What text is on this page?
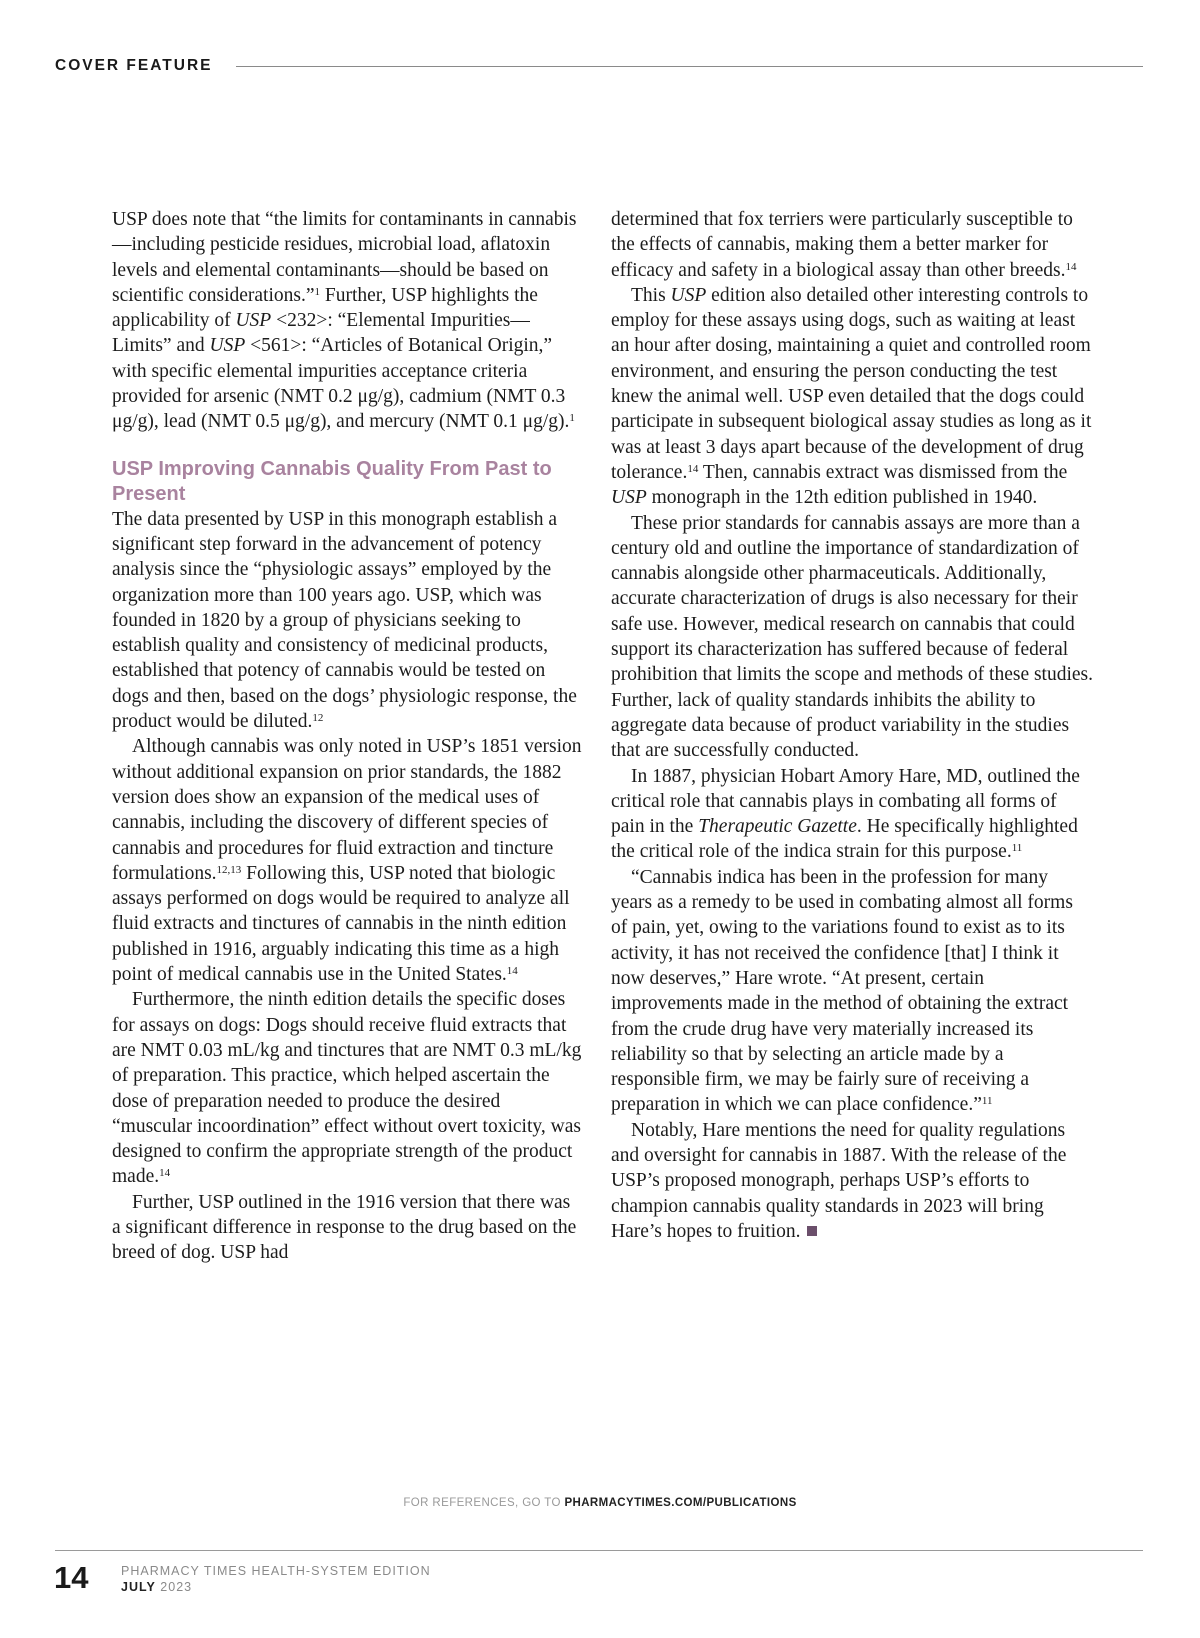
COVER FEATURE

USP does note that “the limits for contaminants in cannabis—including pesticide residues, microbial load, aflatoxin levels and elemental contaminants—should be based on scientific considerations.”$^1$ Further, USP highlights the applicability of USP <232>: “Elemental Impurities—Limits” and USP <561>: “Articles of Botanical Origin,” with specific elemental impurities acceptance criteria provided for arsenic (NMT 0.2 μg/g), cadmium (NMT 0.3 μg/g), lead (NMT 0.5 μg/g), and mercury (NMT 0.1 μg/g).$^1$

USP Improving Cannabis Quality From Past to Present

The data presented by USP in this monograph establish a significant step forward in the advancement of potency analysis since the “physiologic assays” employed by the organization more than 100 years ago. USP, which was founded in 1820 by a group of physicians seeking to establish quality and consistency of medicinal products, established that potency of cannabis would be tested on dogs and then, based on the dogs’ physiologic response, the product would be diluted.$^{12}$

Although cannabis was only noted in USP’s 1851 version without additional expansion on prior standards, the 1882 version does show an expansion of the medical uses of cannabis, including the discovery of different species of cannabis and procedures for fluid extraction and tincture formulations.$^{12,13}$ Following this, USP noted that biologic assays performed on dogs would be required to analyze all fluid extracts and tinctures of cannabis in the ninth edition published in 1916, arguably indicating this time as a high point of medical cannabis use in the United States.$^{14}$

Furthermore, the ninth edition details the specific doses for assays on dogs: Dogs should receive fluid extracts that are NMT 0.03 mL/kg and tinctures that are NMT 0.3 mL/kg of preparation. This practice, which helped ascertain the dose of preparation needed to produce the desired “muscular incoordination” effect without overt toxicity, was designed to confirm the appropriate strength of the product made.$^{14}$

Further, USP outlined in the 1916 version that there was a significant difference in response to the drug based on the breed of dog. USP had

determined that fox terriers were particularly susceptible to the effects of cannabis, making them a better marker for efficacy and safety in a biological assay than other breeds.$^{14}$

This USP edition also detailed other interesting controls to employ for these assays using dogs, such as waiting at least an hour after dosing, maintaining a quiet and controlled room environment, and ensuring the person conducting the test knew the animal well. USP even detailed that the dogs could participate in subsequent biological assay studies as long as it was at least 3 days apart because of the development of drug tolerance.$^{14}$ Then, cannabis extract was dismissed from the USP monograph in the 12th edition published in 1940.

These prior standards for cannabis assays are more than a century old and outline the importance of standardization of cannabis alongside other pharmaceuticals. Additionally, accurate characterization of drugs is also necessary for their safe use. However, medical research on cannabis that could support its characterization has suffered because of federal prohibition that limits the scope and methods of these studies. Further, lack of quality standards inhibits the ability to aggregate data because of product variability in the studies that are successfully conducted.

In 1887, physician Hobart Amory Hare, MD, outlined the critical role that cannabis plays in combating all forms of pain in the Therapeutic Gazette. He specifically highlighted the critical role of the indica strain for this purpose.$^{11}$

“Cannabis indica has been in the profession for many years as a remedy to be used in combating almost all forms of pain, yet, owing to the variations found to exist as to its activity, it has not received the confidence [that] I think it now deserves,” Hare wrote. “At present, certain improvements made in the method of obtaining the extract from the crude drug have very materially increased its reliability so that by selecting an article made by a responsible firm, we may be fairly sure of receiving a preparation in which we can place confidence.”$^{11}$

Notably, Hare mentions the need for quality regulations and oversight for cannabis in 1887. With the release of the USP’s proposed monograph, perhaps USP’s efforts to champion cannabis quality standards in 2023 will bring Hare’s hopes to fruition.

FOR REFERENCES, GO TO PHARMACYTIMES.COM/PUBLICATIONS
14	PHARMACY TIMES HEALTH-SYSTEM EDITION
JULY 2023
